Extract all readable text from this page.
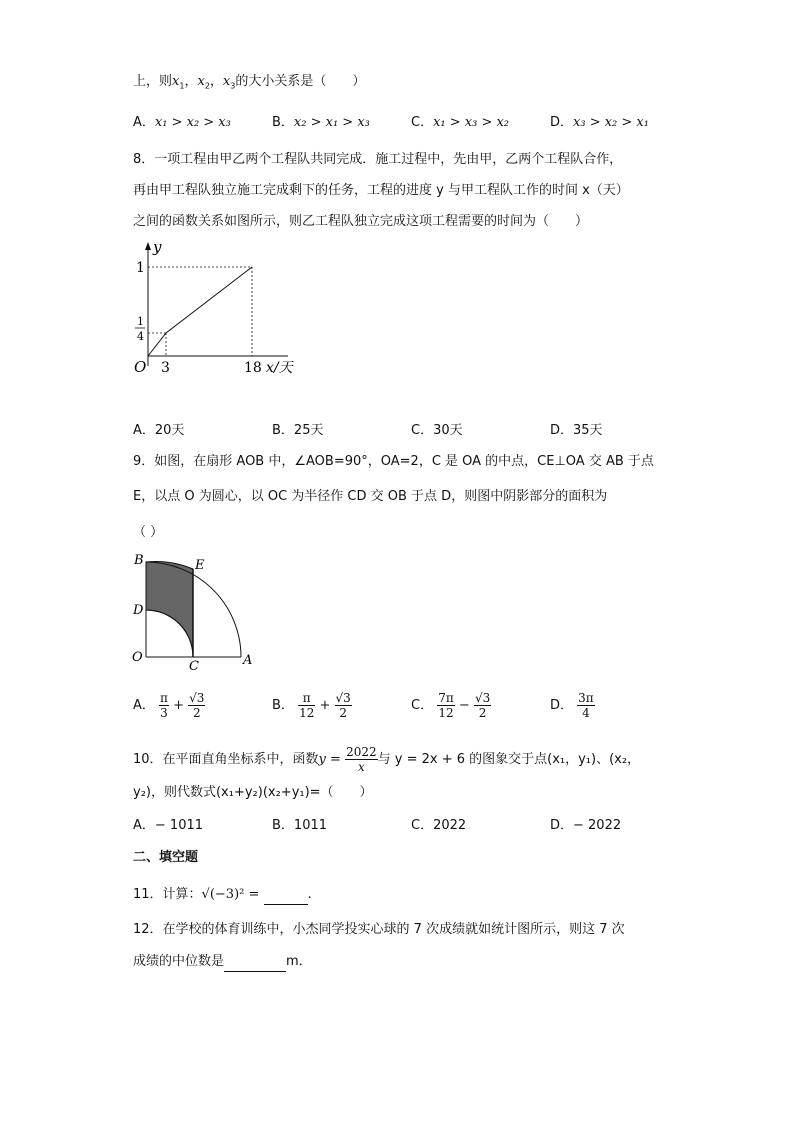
上，则$x_1$，$x_2$，$x_3$的大小关系是（　　）
A．x₁ > x₂ > x₃	B．x₂ > x₁ > x₃	C．x₁ > x₃ > x₂	D．x₃ > x₂ > x₁
8．一项工程由甲乙两个工程队共同完成．施工过程中，先由甲，乙两个工程队合作，
再由甲工程队独立施工完成剩下的任务，工程的进度 y 与甲工程队工作的时间 x（天）
之间的函数关系如图所示，则乙工程队独立完成这项工程需要的时间为（　　）
y
1
1
4
O 3	18 x/天
A．20天	B．25天	C．30天	D．35天
9．如图，在扇形 AOB 中，∠AOB=90°，OA=2，C 是 OA 的中点，CE⊥OA 交 AB 于点
E，以点 O 为圆心，以 OC 为半径作 CD 交 OB 于点 D，则图中阴影部分的面积为
（ ）
B	E
D
O
C	A
A． $\frac{\pi}{3} + \frac{√3}{2}$	B． $\frac{\pi}{12} + \frac{√3}{2}$	C． $\frac{7\pi}{12} - \frac{√3}{2}$	D． $\frac{3\pi}{4}$
10．在平面直角坐标系中，函数$y = \frac{2022}{x}$ 与 y = 2x + 6 的图象交于点(x₁，y₁)、(x₂，
y₂)，则代数式(x₁+y₂)(x₂+y₁)=（　　）
A．− 1011	B．1011	C．2022	D．− 2022
二、填空题
11．计算：√(−3)² =	.
12．在学校的体育训练中，小杰同学投实心球的 7 次成绩就如统计图所示，则这 7 次
成绩的中位数是	m．
